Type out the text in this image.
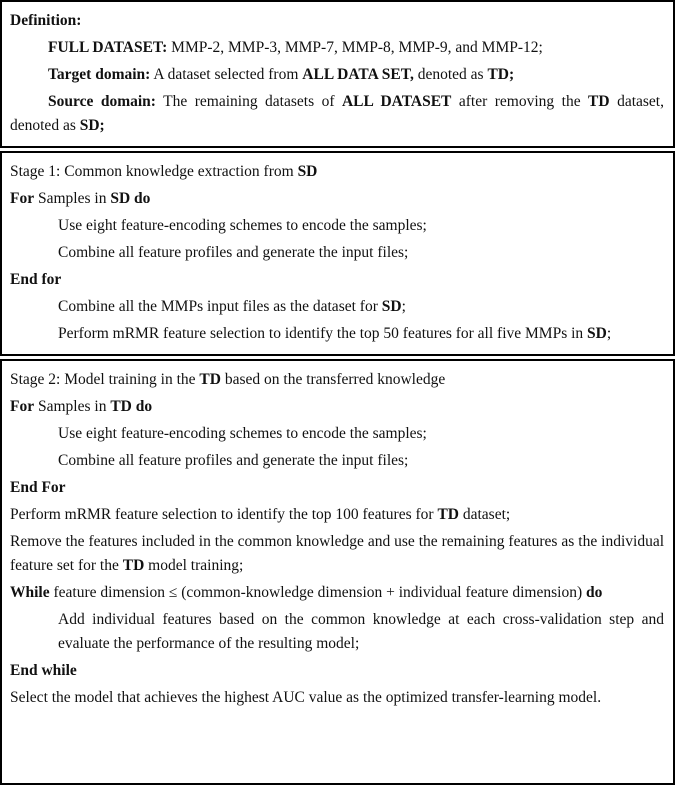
Definition:

FULL DATASET: MMP-2, MMP-3, MMP-7, MMP-8, MMP-9, and MMP-12;

Target domain: A dataset selected from ALL DATA SET, denoted as TD;

Source domain: The remaining datasets of ALL DATASET after removing the TD dataset, denoted as SD;

Stage 1: Common knowledge extraction from SD

For Samples in SD do

Use eight feature-encoding schemes to encode the samples;

Combine all feature profiles and generate the input files;

End for

Combine all the MMPs input files as the dataset for SD;

Perform mRMR feature selection to identify the top 50 features for all five MMPs in SD;

Stage 2: Model training in the TD based on the transferred knowledge

For Samples in TD do

Use eight feature-encoding schemes to encode the samples;

Combine all feature profiles and generate the input files;

End For

Perform mRMR feature selection to identify the top 100 features for TD dataset;

Remove the features included in the common knowledge and use the remaining features as the individual feature set for the TD model training;

While feature dimension ≤ (common-knowledge dimension + individual feature dimension) do

Add individual features based on the common knowledge at each cross-validation step and evaluate the performance of the resulting model;

End while

Select the model that achieves the highest AUC value as the optimized transfer-learning model.
